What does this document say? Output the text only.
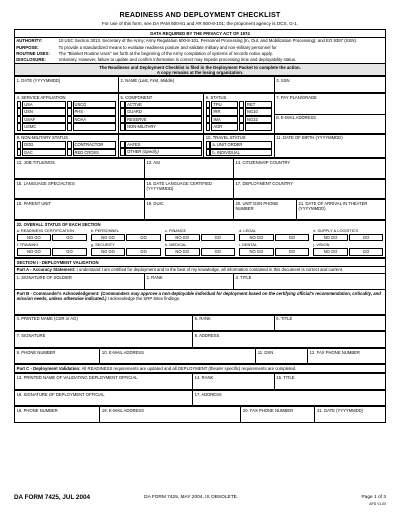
READINESS AND DEPLOYMENT CHECKLIST
For use of this form, see DA PAM 600-81 and AR 600-8-101; the proponent agency is DCS, G-1.
DATA REQUIRED BY THE PRIVACY ACT OF 1974

AUTHORITY:	10 USC Section 3013, Secretary of the Army; Army Regulation 600-8-101, Personnel Processing (In, Out, and Mobilization Processing); and EO 9397 (SSN).
PURPOSE:	To provide a standardized means to evaluate readiness posture and validate military and non-military personnel for
ROUTINE USES:	The "Blanket Routine Uses" set forth at the beginning of the Army compilation of systems of records notice apply.
DISCLOSURE:	Voluntary. However, failure to update and confirm information is correct may impede processing time and deployability status.

The Readiness and Deployment Checklist is filed in the Deployment Packet to complete the action.
A copy remains at the losing organization.
1. DATE (YYYYMMDD)	2. NAME (Last, First, Middle)	3. SSN
4. SERVICE AFFILIATION
USA	USCG
USN	PHS
USAF	NOAA
USMC

5. COMPONENT
ACTIVE
GUARD
RESERVE
NON-MILITARY

6. STATUS
TPU	RET
IRR	NG10
IMA	NG32
AGR

7. PAY PLAN/GRADE
8. E-MAIL ADDRESS
9. NON-MILITARY STATUS
DOD	CONTRACTOR
DAC	RED CROSS

AAFES
OTHER (Specify)

10. TRAVEL STATUS
a. UNIT ORDER
b. INDIVIDUAL
	11. DATE OF BIRTH (YYYYMMDD)
12. JOB TITLE/MOS	13. ASI	14. CITIZENSHIP COUNTRY
15. LANGUAGE SPECIALTIES	16. DATE LANGUAGE CERTIFIED
(YYYYMMDD)
	17. DEPLOYMENT COUNTRY
18. PARENT UNIT	19. DUIC	20. UNIT DSN PHONE NUMBER	21. DATE OF ARRIVAL IN THEATER (YYYYMMDD)
22. OVERALL STATUS OF EACH SECTION
a. READINESS CERTIFICATION
NO GO	GO
b. PERSONNEL
NO GO	GO
c. FINANCE
NO GO	GO
d. LEGAL
NO GO	GO
e. SUPPLY & LOGISTICS
NO GO	GO
f. TRAINING
NO GO	GO
g. SECURITY
NO GO	GO
h. MEDICAL
NO GO	GO
i. DENTAL
NO GO	GO
j. VISION
NO GO	GO
SECTION I - DEPLOYMENT VALIDATION
Part A - Accuracy Statement: I understand I am certified for deployment and to the best of my knowledge, all information contained in this document is correct and current.
1. SIGNATURE OF SOLDIER	2. RANK	3. TITLE
Part B - Commander's Acknowledgment: (Commanders may approve a non-deployable individual for deployment based on the certifying official's recommendation, criticality, and mission needs, unless otherwise indicated.) I acknowledge the SRP Sites findings.
4. PRINTED NAME (CDR or AG)	5. RANK	6. TITLE
7. SIGNATURE	8. ADDRESS
9. PHONE NUMBER	10. E-MAIL ADDRESS	11. DSN	12. FAX PHONE NUMBER
Part C - Deployment Validation: All READINESS requirements are updated and all DEPLOYMENT (theater specific) requirements are completed.
13. PRINTED NAME OF VALIDATING DEPLOYMENT OFFICIAL	14. RANK	15. TITLE
16. SIGNATURE OF DEPLOYMENT OFFICIAL	17. ADDRESS
18. PHONE NUMBER	19. E-MAIL ADDRESS	20. FAX PHONE NUMBER	21. DATE (YYYYMMDD)
DA FORM 7425, JUL 2004	DA FORM 7425, MAY 2004, IS OBSOLETE.	Page 1 of 3
APD V1.00
